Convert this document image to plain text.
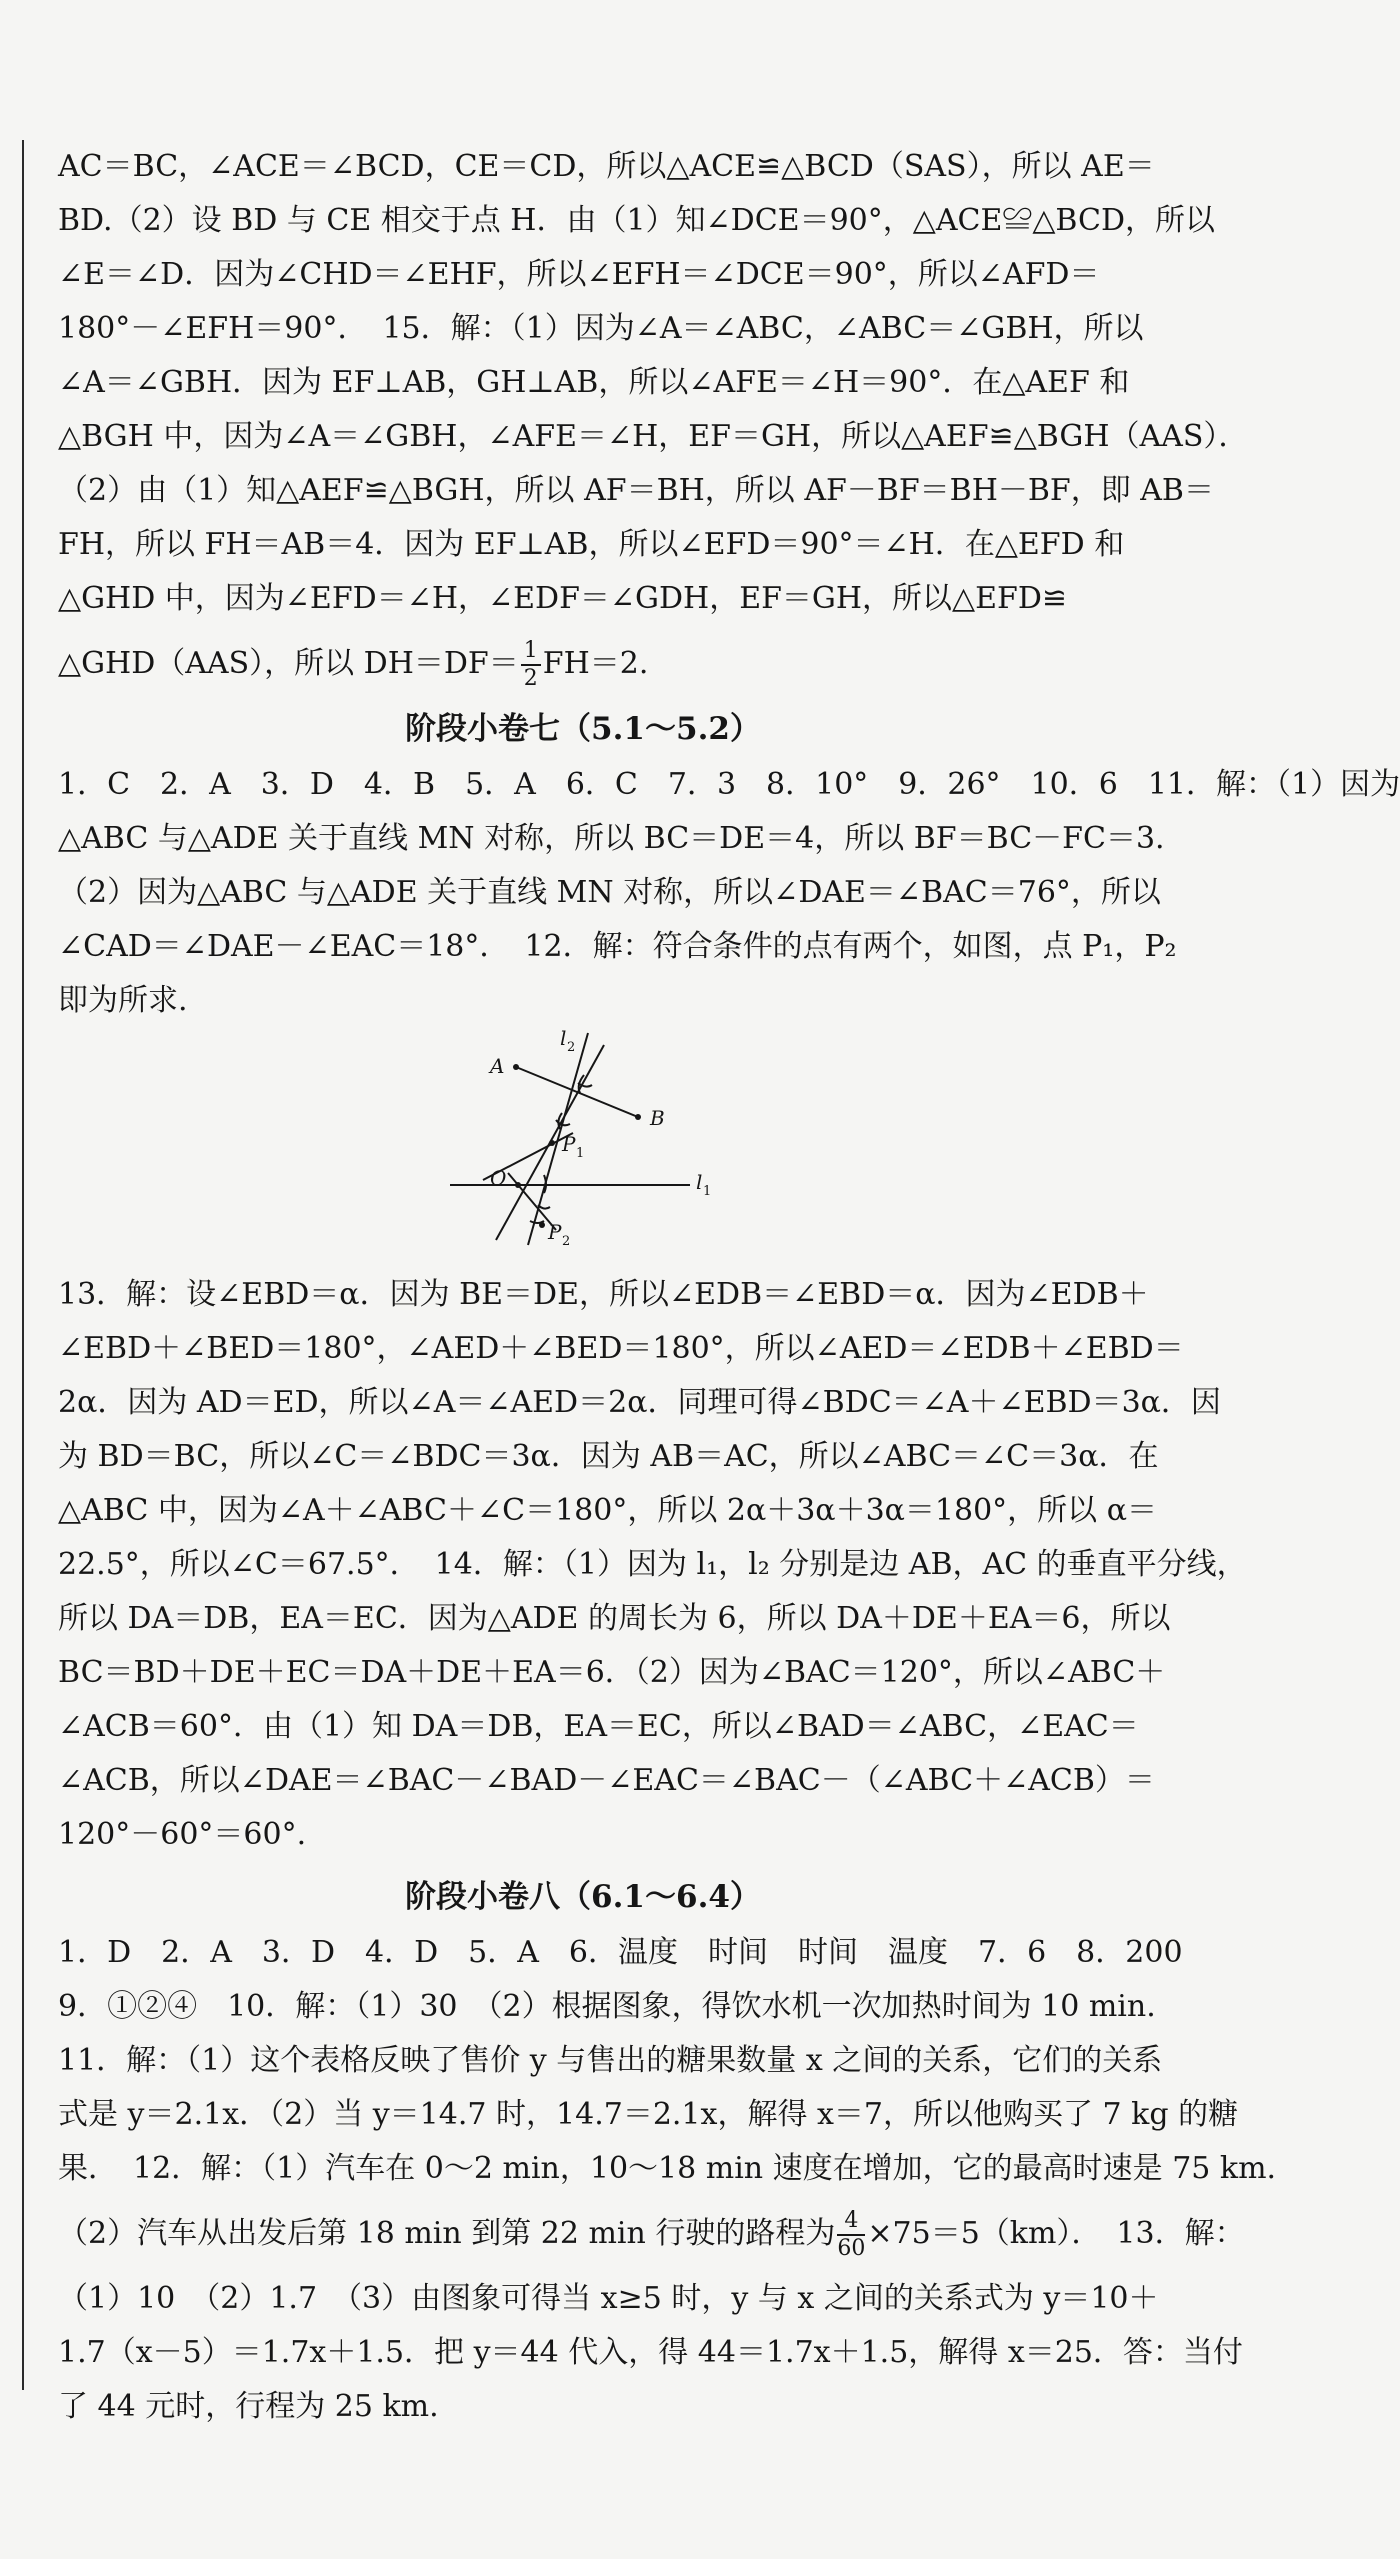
AC＝BC，∠ACE＝∠BCD，CE＝CD，所以△ACE≌△BCD（SAS），所以 AE＝

BD.（2）设 BD 与 CE 相交于点 H．由（1）知∠DCE＝90°，△ACE≌△BCD，所以

∠E＝∠D．因为∠CHD＝∠EHF，所以∠EFH＝∠DCE＝90°，所以∠AFD＝

180°－∠EFH＝90°．　15．解：（1）因为∠A＝∠ABC，∠ABC＝∠GBH，所以

∠A＝∠GBH．因为 EF⊥AB，GH⊥AB，所以∠AFE＝∠H＝90°．在△AEF 和

△BGH 中，因为∠A＝∠GBH，∠AFE＝∠H，EF＝GH，所以△AEF≌△BGH（AAS）．

（2）由（1）知△AEF≌△BGH，所以 AF＝BH，所以 AF－BF＝BH－BF，即 AB＝

FH，所以 FH＝AB＝4．因为 EF⊥AB，所以∠EFD＝90°＝∠H．在△EFD 和

△GHD 中，因为∠EFD＝∠H，∠EDF＝∠GDH，EF＝GH，所以△EFD≌

△GHD（AAS），所以 $DH=DF= \frac{1}{2} FH=2$.

阶段小卷七（5.1～5.2）

1．C　2．A　3．D　4．B　5．A　6．C　7．3　8．10°　9．26°　10．6　11．解：（1）因为

△ABC 与△ADE 关于直线 MN 对称，所以 BC＝DE＝4，所以 BF＝BC－FC＝3.

（2）因为△ABC 与△ADE 关于直线 MN 对称，所以∠DAE＝∠BAC＝76°，所以

∠CAD＝∠DAE－∠EAC＝18°．　12．解：符合条件的点有两个，如图，点 P₁，P₂

即为所求.

A
B
O
P 1
P 2
l 1
l 2

13．解：设∠EBD＝α．因为 BE＝DE，所以∠EDB＝∠EBD＝α．因为∠EDB＋

∠EBD＋∠BED＝180°，∠AED＋∠BED＝180°，所以∠AED＝∠EDB＋∠EBD＝

2α．因为 AD＝ED，所以∠A＝∠AED＝2α．同理可得∠BDC＝∠A＋∠EBD＝3α．因

为 BD＝BC，所以∠C＝∠BDC＝3α．因为 AB＝AC，所以∠ABC＝∠C＝3α．在

△ABC 中，因为∠A＋∠ABC＋∠C＝180°，所以 2α＋3α＋3α＝180°，所以 α＝

22.5°，所以∠C＝67.5°．　14．解：（1）因为 l₁，l₂ 分别是边 AB，AC 的垂直平分线，

所以 DA＝DB，EA＝EC．因为△ADE 的周长为 6，所以 DA＋DE＋EA＝6，所以

BC＝BD＋DE＋EC＝DA＋DE＋EA＝6．（2）因为∠BAC＝120°，所以∠ABC＋

∠ACB＝60°．由（1）知 DA＝DB，EA＝EC，所以∠BAD＝∠ABC，∠EAC＝

∠ACB，所以∠DAE＝∠BAC－∠BAD－∠EAC＝∠BAC－（∠ABC＋∠ACB）＝

120°－60°＝60°.

阶段小卷八（6.1～6.4）

1．D　2．A　3．D　4．D　5．A　6．温度　时间　时间　温度　7．6　8．200

9．①②④　10．解：（1）30　（2）根据图象，得饮水机一次加热时间为 10 min.

11．解：（1）这个表格反映了售价 y 与售出的糖果数量 x 之间的关系，它们的关系

式是 y＝2.1x．（2）当 y＝14.7 时，14.7＝2.1x，解得 x＝7，所以他购买了 7 kg 的糖

果．　12．解：（1）汽车在 0～2 min，10～18 min 速度在增加，它的最高时速是 75 km.

（2）汽车从出发后第 18 min 到第 22 min 行驶的路程为 $\frac{4}{60} \times 75=5(km)$．　13．解：

（1）10　（2）1.7　（3）由图象可得当 x≥5 时，y 与 x 之间的关系式为 y＝10＋

1.7（x－5）＝1.7x＋1.5．把 y＝44 代入，得 44＝1.7x＋1.5，解得 x＝25．答：当付

了 44 元时，行程为 25 km.
